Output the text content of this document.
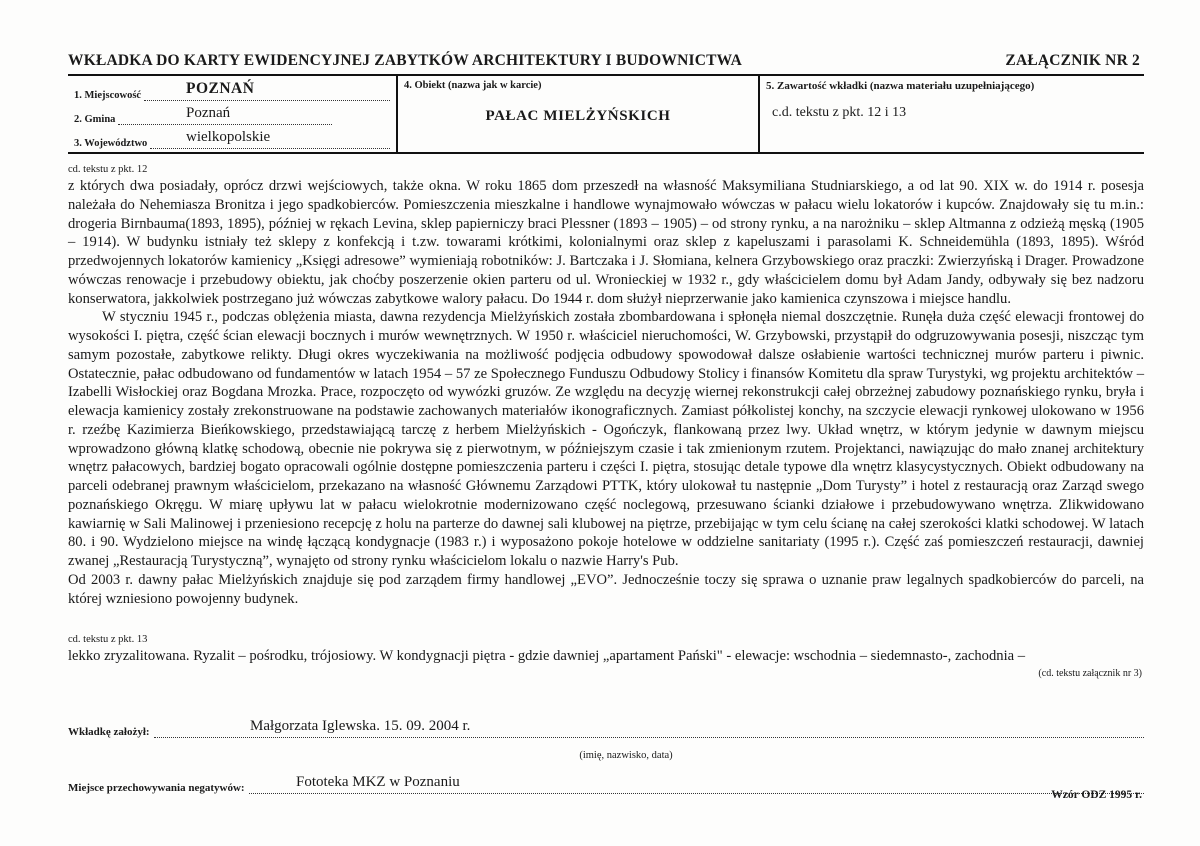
WKŁADKA DO KARTY EWIDENCYJNEJ ZABYTKÓW ARCHITEKTURY I BUDOWNICTWA	ZAŁĄCZNIK NR 2
1. Miejscowość	POZNAŃ
2. Gmina	Poznań
3. Województwo	wielkopolskie
4. Obiekt (nazwa jak w karcie)
PAŁAC MIELŻYŃSKICH
5. Zawartość wkładki (nazwa materiału uzupełniającego)
c.d. tekstu z pkt. 12 i 13
cd. tekstu z pkt. 12

z których dwa posiadały, oprócz drzwi wejściowych, także okna. W roku 1865 dom przeszedł na własność Maksymiliana Studniarskiego, a od lat 90. XIX w. do 1914 r. posesja należała do Nehemiasza Bronitza i jego spadkobierców. Pomieszczenia mieszkalne i handlowe wynajmowało wówczas w pałacu wielu lokatorów i kupców. Znajdowały się tu m.in.: drogeria Birnbauma(1893, 1895), później w rękach Levina, sklep papierniczy braci Plessner (1893 – 1905) – od strony rynku, a na narożniku – sklep Altmanna z odzieżą męską (1905 – 1914). W budynku istniały też sklepy z konfekcją i t.zw. towarami krótkimi, kolonialnymi oraz sklep z kapeluszami i parasolami K. Schneidemühla (1893, 1895). Wśród przedwojennych lokatorów kamienicy „Księgi adresowe” wymieniają robotników: J. Bartczaka i J. Słomiana, kelnera Grzybowskiego oraz praczki: Zwierzyńską i Drager. Prowadzone wówczas renowacje i przebudowy obiektu, jak choćby poszerzenie okien parteru od ul. Wronieckiej w 1932 r., gdy właścicielem domu był Adam Jandy, odbywały się bez nadzoru konserwatora, jakkolwiek postrzegano już wówczas zabytkowe walory pałacu. Do 1944 r. dom służył nieprzerwanie jako kamienica czynszowa i miejsce handlu.

W styczniu 1945 r., podczas oblężenia miasta, dawna rezydencja Mielżyńskich została zbombardowana i spłonęła niemal doszczętnie. Runęła duża część elewacji frontowej do wysokości I. piętra, część ścian elewacji bocznych i murów wewnętrznych. W 1950 r. właściciel nieruchomości, W. Grzybowski, przystąpił do odgruzowywania posesji, niszcząc tym samym pozostałe, zabytkowe relikty. Długi okres wyczekiwania na możliwość podjęcia odbudowy spowodował dalsze osłabienie wartości technicznej murów parteru i piwnic. Ostatecznie, pałac odbudowano od fundamentów w latach 1954 – 57 ze Społecznego Funduszu Odbudowy Stolicy i finansów Komitetu dla spraw Turystyki, wg projektu architektów – Izabelli Wisłockiej oraz Bogdana Mrozka. Prace, rozpoczęto od wywózki gruzów. Ze względu na decyzję wiernej rekonstrukcji całej obrzeżnej zabudowy poznańskiego rynku, bryła i elewacja kamienicy zostały zrekonstruowane na podstawie zachowanych materiałów ikonograficznych. Zamiast półkolistej konchy, na szczycie elewacji rynkowej ulokowano w 1956 r. rzeźbę Kazimierza Bieńkowskiego, przedstawiającą tarczę z herbem Mielżyńskich - Ogończyk, flankowaną przez lwy. Układ wnętrz, w którym jedynie w dawnym miejscu wprowadzono główną klatkę schodową, obecnie nie pokrywa się z pierwotnym, w późniejszym czasie i tak zmienionym rzutem. Projektanci, nawiązując do mało znanej architektury wnętrz pałacowych, bardziej bogato opracowali ogólnie dostępne pomieszczenia parteru i części I. piętra, stosując detale typowe dla wnętrz klasycystycznych. Obiekt odbudowany na parceli odebranej prawnym właścicielom, przekazano na własność Głównemu Zarządowi PTTK, który ulokował tu następnie „Dom Turysty” i hotel z restauracją oraz Zarząd swego poznańskiego Okręgu. W miarę upływu lat w pałacu wielokrotnie modernizowano część noclegową, przesuwano ścianki działowe i przebudowywano wnętrza. Zlikwidowano kawiarnię w Sali Malinowej i przeniesiono recepcję z holu na parterze do dawnej sali klubowej na piętrze, przebijając w tym celu ścianę na całej szerokości klatki schodowej. W latach 80. i 90. Wydzielono miejsce na windę łączącą kondygnacje (1983 r.) i wyposażono pokoje hotelowe w oddzielne sanitariaty (1995 r.). Część zaś pomieszczeń restauracji, dawniej zwanej „Restauracją Turystyczną”, wynajęto od strony rynku właścicielom lokalu o nazwie Harry's Pub.

Od 2003 r. dawny pałac Mielżyńskich znajduje się pod zarządem firmy handlowej „EVO”. Jednocześnie toczy się sprawa o uznanie praw legalnych spadkobierców do parceli, na której wzniesiono powojenny budynek.

cd. tekstu z pkt. 13

lekko zryzalitowana. Ryzalit – pośrodku, trójosiowy. W kondygnacji piętra - gdzie dawniej „apartament Pański" - elewacje: wschodnia – siedemnasto-, zachodnia –

(cd. tekstu załącznik nr 3)
Wkładkę założył:	Małgorzata Iglewska. 15. 09. 2004 r.
(imię, nazwisko, data)
Miejsce przechowywania negatywów:	Fototeka MKZ w Poznaniu
Wzór ODZ 1995 r.
